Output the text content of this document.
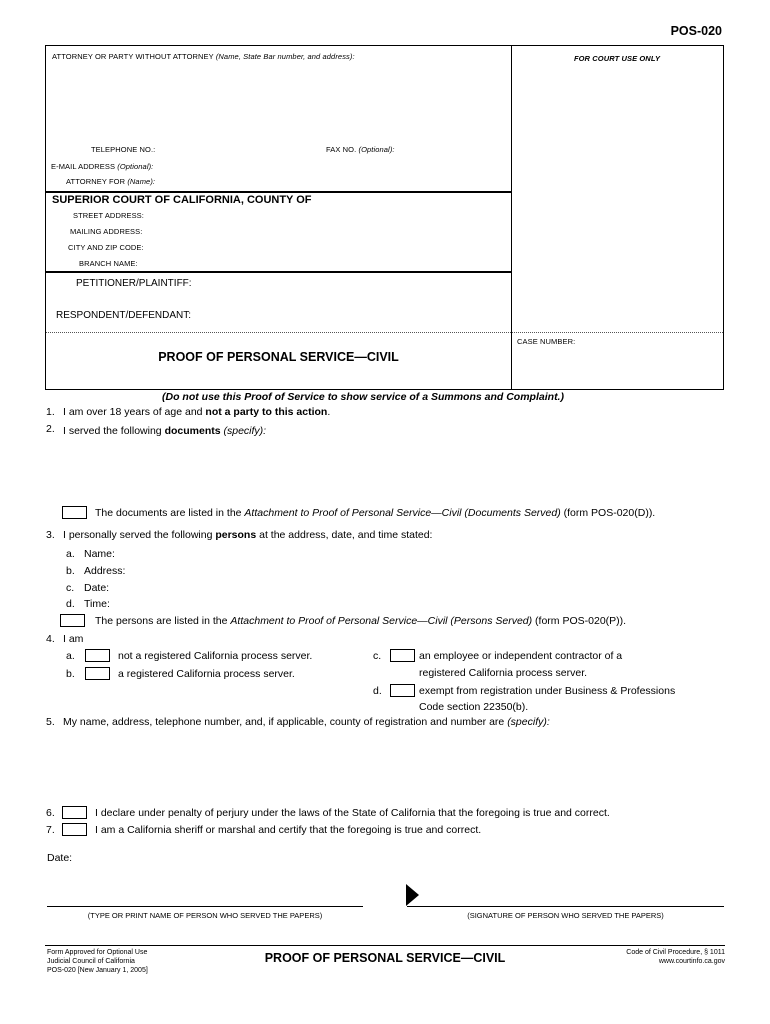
POS-020
ATTORNEY OR PARTY WITHOUT ATTORNEY (Name, State Bar number, and address):	FOR COURT USE ONLY
TELEPHONE NO.:	FAX NO. (Optional):
E-MAIL ADDRESS (Optional):
ATTORNEY FOR (Name):
SUPERIOR COURT OF CALIFORNIA, COUNTY OF
STREET ADDRESS:
MAILING ADDRESS:
CITY AND ZIP CODE:
BRANCH NAME:
PETITIONER/PLAINTIFF:
RESPONDENT/DEFENDANT:
PROOF OF PERSONAL SERVICE—CIVIL
CASE NUMBER:
(Do not use this Proof of Service to show service of a Summons and Complaint.)
1. I am over 18 years of age and not a party to this action.
2. I served the following documents (specify):
The documents are listed in the Attachment to Proof of Personal Service—Civil (Documents Served) (form POS-020(D)).
3. I personally served the following persons at the address, date, and time stated:
a. Name:
b. Address:
c. Date:
d. Time:
The persons are listed in the Attachment to Proof of Personal Service—Civil (Persons Served) (form POS-020(P)).
4. I am
a.	not a registered California process server.
b.	a registered California process server.
c.	an employee or independent contractor of a
registered California process server.
d.	exempt from registration under Business & Professions
Code section 22350(b).
5. My name, address, telephone number, and, if applicable, county of registration and number are (specify):
6.	I declare under penalty of perjury under the laws of the State of California that the foregoing is true and correct.
7.	I am a California sheriff or marshal and certify that the foregoing is true and correct.
Date:
(TYPE OR PRINT NAME OF PERSON WHO SERVED THE PAPERS)	(SIGNATURE OF PERSON WHO SERVED THE PAPERS)
Form Approved for Optional Use
Judicial Council of California
POS-020 [New January 1, 2005]
PROOF OF PERSONAL SERVICE—CIVIL	Code of Civil Procedure, § 1011
www.courtinfo.ca.gov
